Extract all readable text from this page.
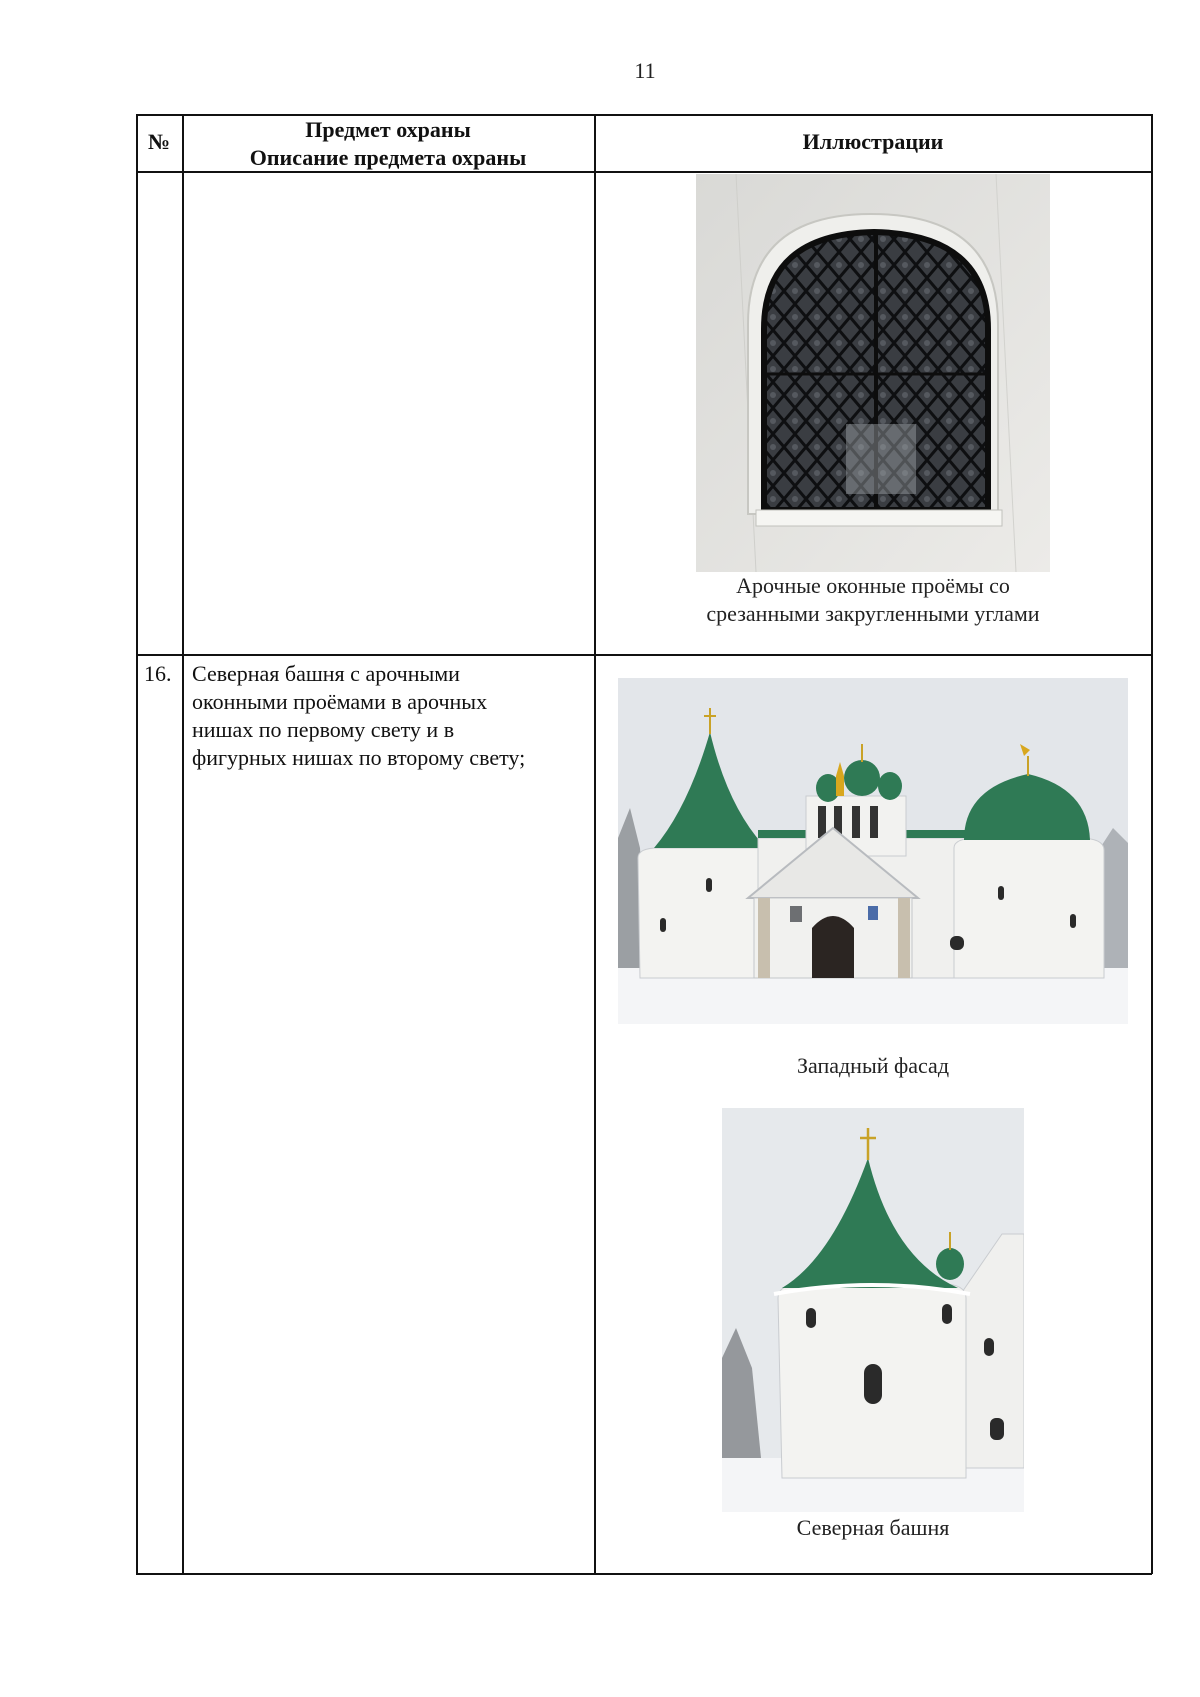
11
№	Предмет охраны
Описание предмета охраны
Иллюстрации
Арочные оконные проёмы со
срезанными закругленными углами
16. Северная башня с арочными
оконными проёмами в арочных
нишах по первому свету и в
фигурных нишах по второму свету;
Западный фасад
Северная башня
